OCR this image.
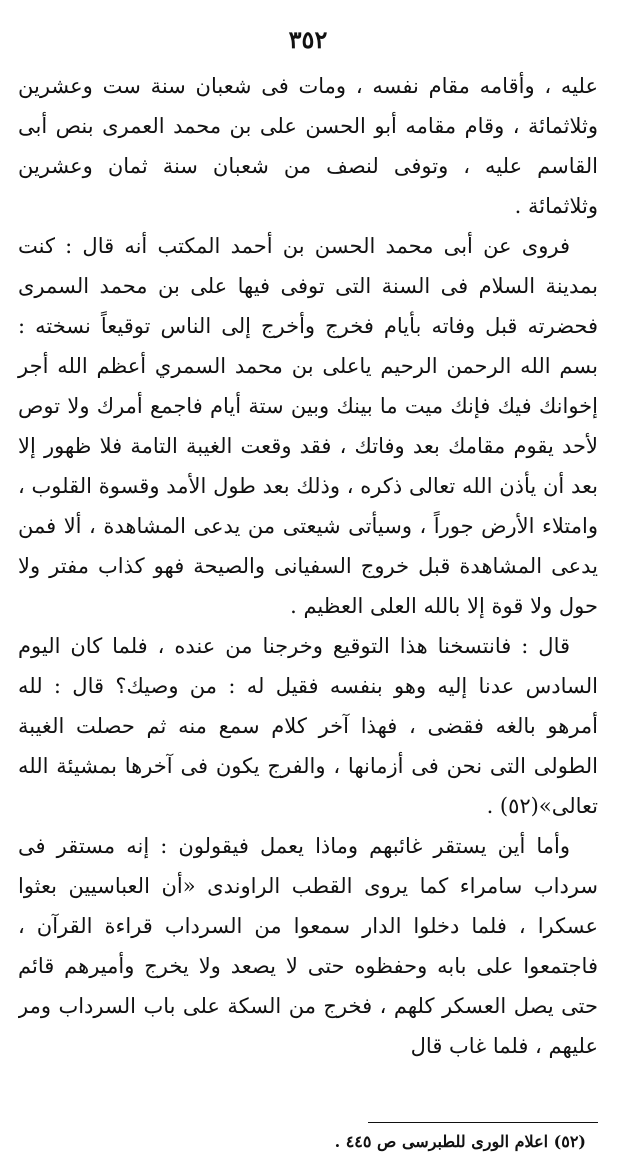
٣٥٢

عليه ، وأقامه مقام نفسه ، ومات فى شعبان سنة ست وعشرين وثلاثمائة ، وقام مقامه أبو الحسن على بن محمد العمرى بنص أبى القاسم عليه ، وتوفى لنصف من شعبان سنة ثمان وعشرين وثلاثمائة .

فروى عن أبى محمد الحسن بن أحمد المكتب أنه قال : كنت بمدينة السلام فى السنة التى توفى فيها على بن محمد السمرى فحضرته قبل وفاته بأيام فخرج وأخرج إلى الناس توقيعاً نسخته : بسم الله الرحمن الرحيم ياعلى بن محمد السمري أعظم الله أجر إخوانك فيك فإنك ميت ما بينك وبين ستة أيام فاجمع أمرك ولا توص لأحد يقوم مقامك بعد وفاتك ، فقد وقعت الغيبة التامة فلا ظهور إلا بعد أن يأذن الله تعالى ذكره ، وذلك بعد طول الأمد وقسوة القلوب ، وامتلاء الأرض جوراً ، وسيأتى شيعتى من يدعى المشاهدة ، ألا فمن يدعى المشاهدة قبل خروج السفيانى والصيحة فهو كذاب مفتر ولا حول ولا قوة إلا بالله العلى العظيم .

قال : فانتسخنا هذا التوقيع وخرجنا من عنده ، فلما كان اليوم السادس عدنا إليه وهو بنفسه فقيل له : من وصيك؟ قال : لله أمرهو بالغه فقضى ، فهذا آخر كلام سمع منه ثم حصلت الغيبة الطولى التى نحن فى أزمانها ، والفرج يكون فى آخرها بمشيئة الله تعالى»(٥٢) .

وأما أين يستقر غائبهم وماذا يعمل فيقولون : إنه مستقر فى سرداب سامراء كما يروى القطب الراوندى «أن العباسيين بعثوا عسكرا ، فلما دخلوا الدار سمعوا من السرداب قراءة القرآن ، فاجتمعوا على بابه وحفظوه حتى لا يصعد ولا يخرج وأميرهم قائم حتى يصل العسكر كلهم ، فخرج من السكة على باب السرداب ومر عليهم ، فلما غاب قال

(٥٢) اعلام الورى للطبرسى ص ٤٤٥ .
